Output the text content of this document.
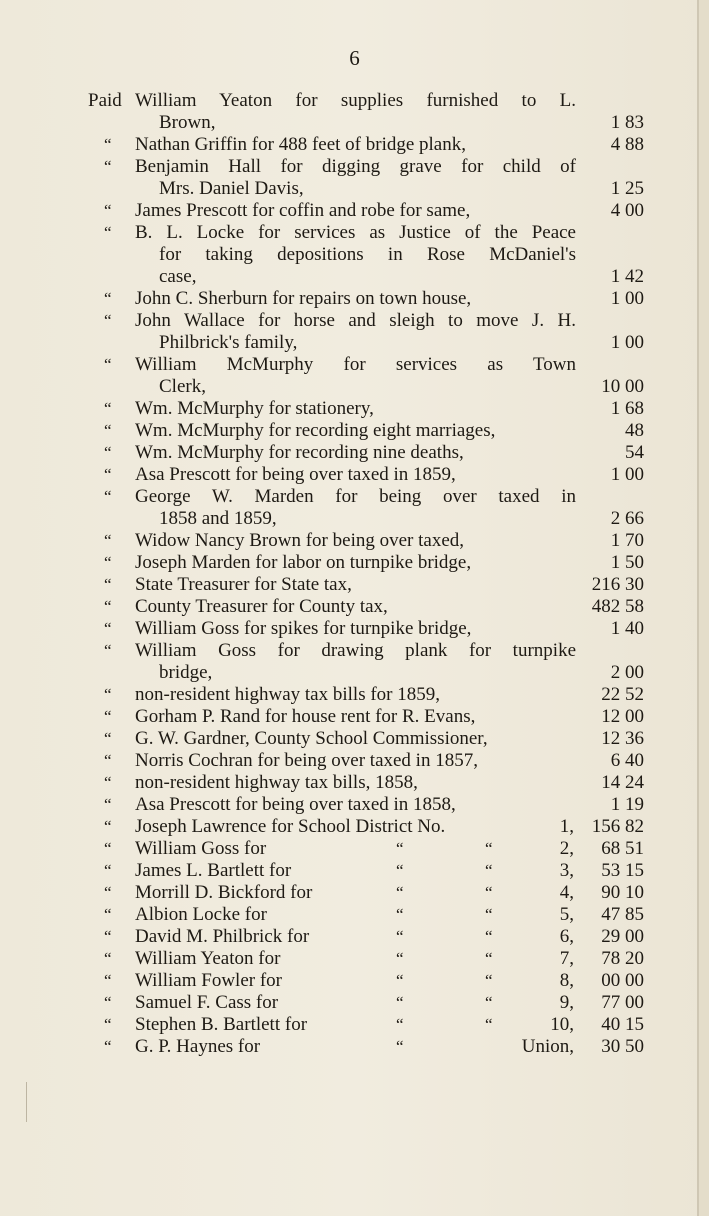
6
Paid William Yeaton for supplies furnished to L.
Brown,	1 83
“ Nathan Griffin for 488 feet of bridge plank,	4 88
“ Benjamin Hall for digging grave for child of
Mrs. Daniel Davis,	1 25
“ James Prescott for coffin and robe for same,	4 00
“ B. L. Locke for services as Justice of the Peace
for taking depositions in Rose McDaniel's
case,	1 42
“ John C. Sherburn for repairs on town house,	1 00
“ John Wallace for horse and sleigh to move J. H.
Philbrick's family,	1 00
“ William McMurphy for services as Town
Clerk,	10 00
“ Wm. McMurphy for stationery,	1 68
“ Wm. McMurphy for recording eight marriages,	48
“ Wm. McMurphy for recording nine deaths,	54
“ Asa Prescott for being over taxed in 1859,	1 00
“ George W. Marden for being over taxed in
1858 and 1859,	2 66
“ Widow Nancy Brown for being over taxed,	1 70
“ Joseph Marden for labor on turnpike bridge,	1 50
“ State Treasurer for State tax,	216 30
“ County Treasurer for County tax,	482 58
“ William Goss for spikes for turnpike bridge,	1 40
“ William Goss for drawing plank for turnpike
bridge,	2 00
“ non-resident highway tax bills for 1859,	22 52
“ Gorham P. Rand for house rent for R. Evans,	12 00
“ G. W. Gardner, County School Commissioner,	12 36
“ Norris Cochran for being over taxed in 1857,	6 40
“ non-resident highway tax bills, 1858,	14 24
“ Asa Prescott for being over taxed in 1858,	1 19
“ Joseph Lawrence for School District No.	1, 156 82
“ William Goss for	“	“	2,	68 51
“ James L. Bartlett for	“	“	3,	53 15
“ Morrill D. Bickford for	“	“	4,	90 10
“ Albion Locke for	“	“	5,	47 85
“ David M. Philbrick for	“	“	6,	29 00
“ William Yeaton for	“	“	7,	78 20
“ William Fowler for	“	“	8,	00 00
“ Samuel F. Cass for	“	“	9,	77 00
“ Stephen B. Bartlett for	“	“	10,	40 15
“ G. P. Haynes for	“	Union,	30 50
